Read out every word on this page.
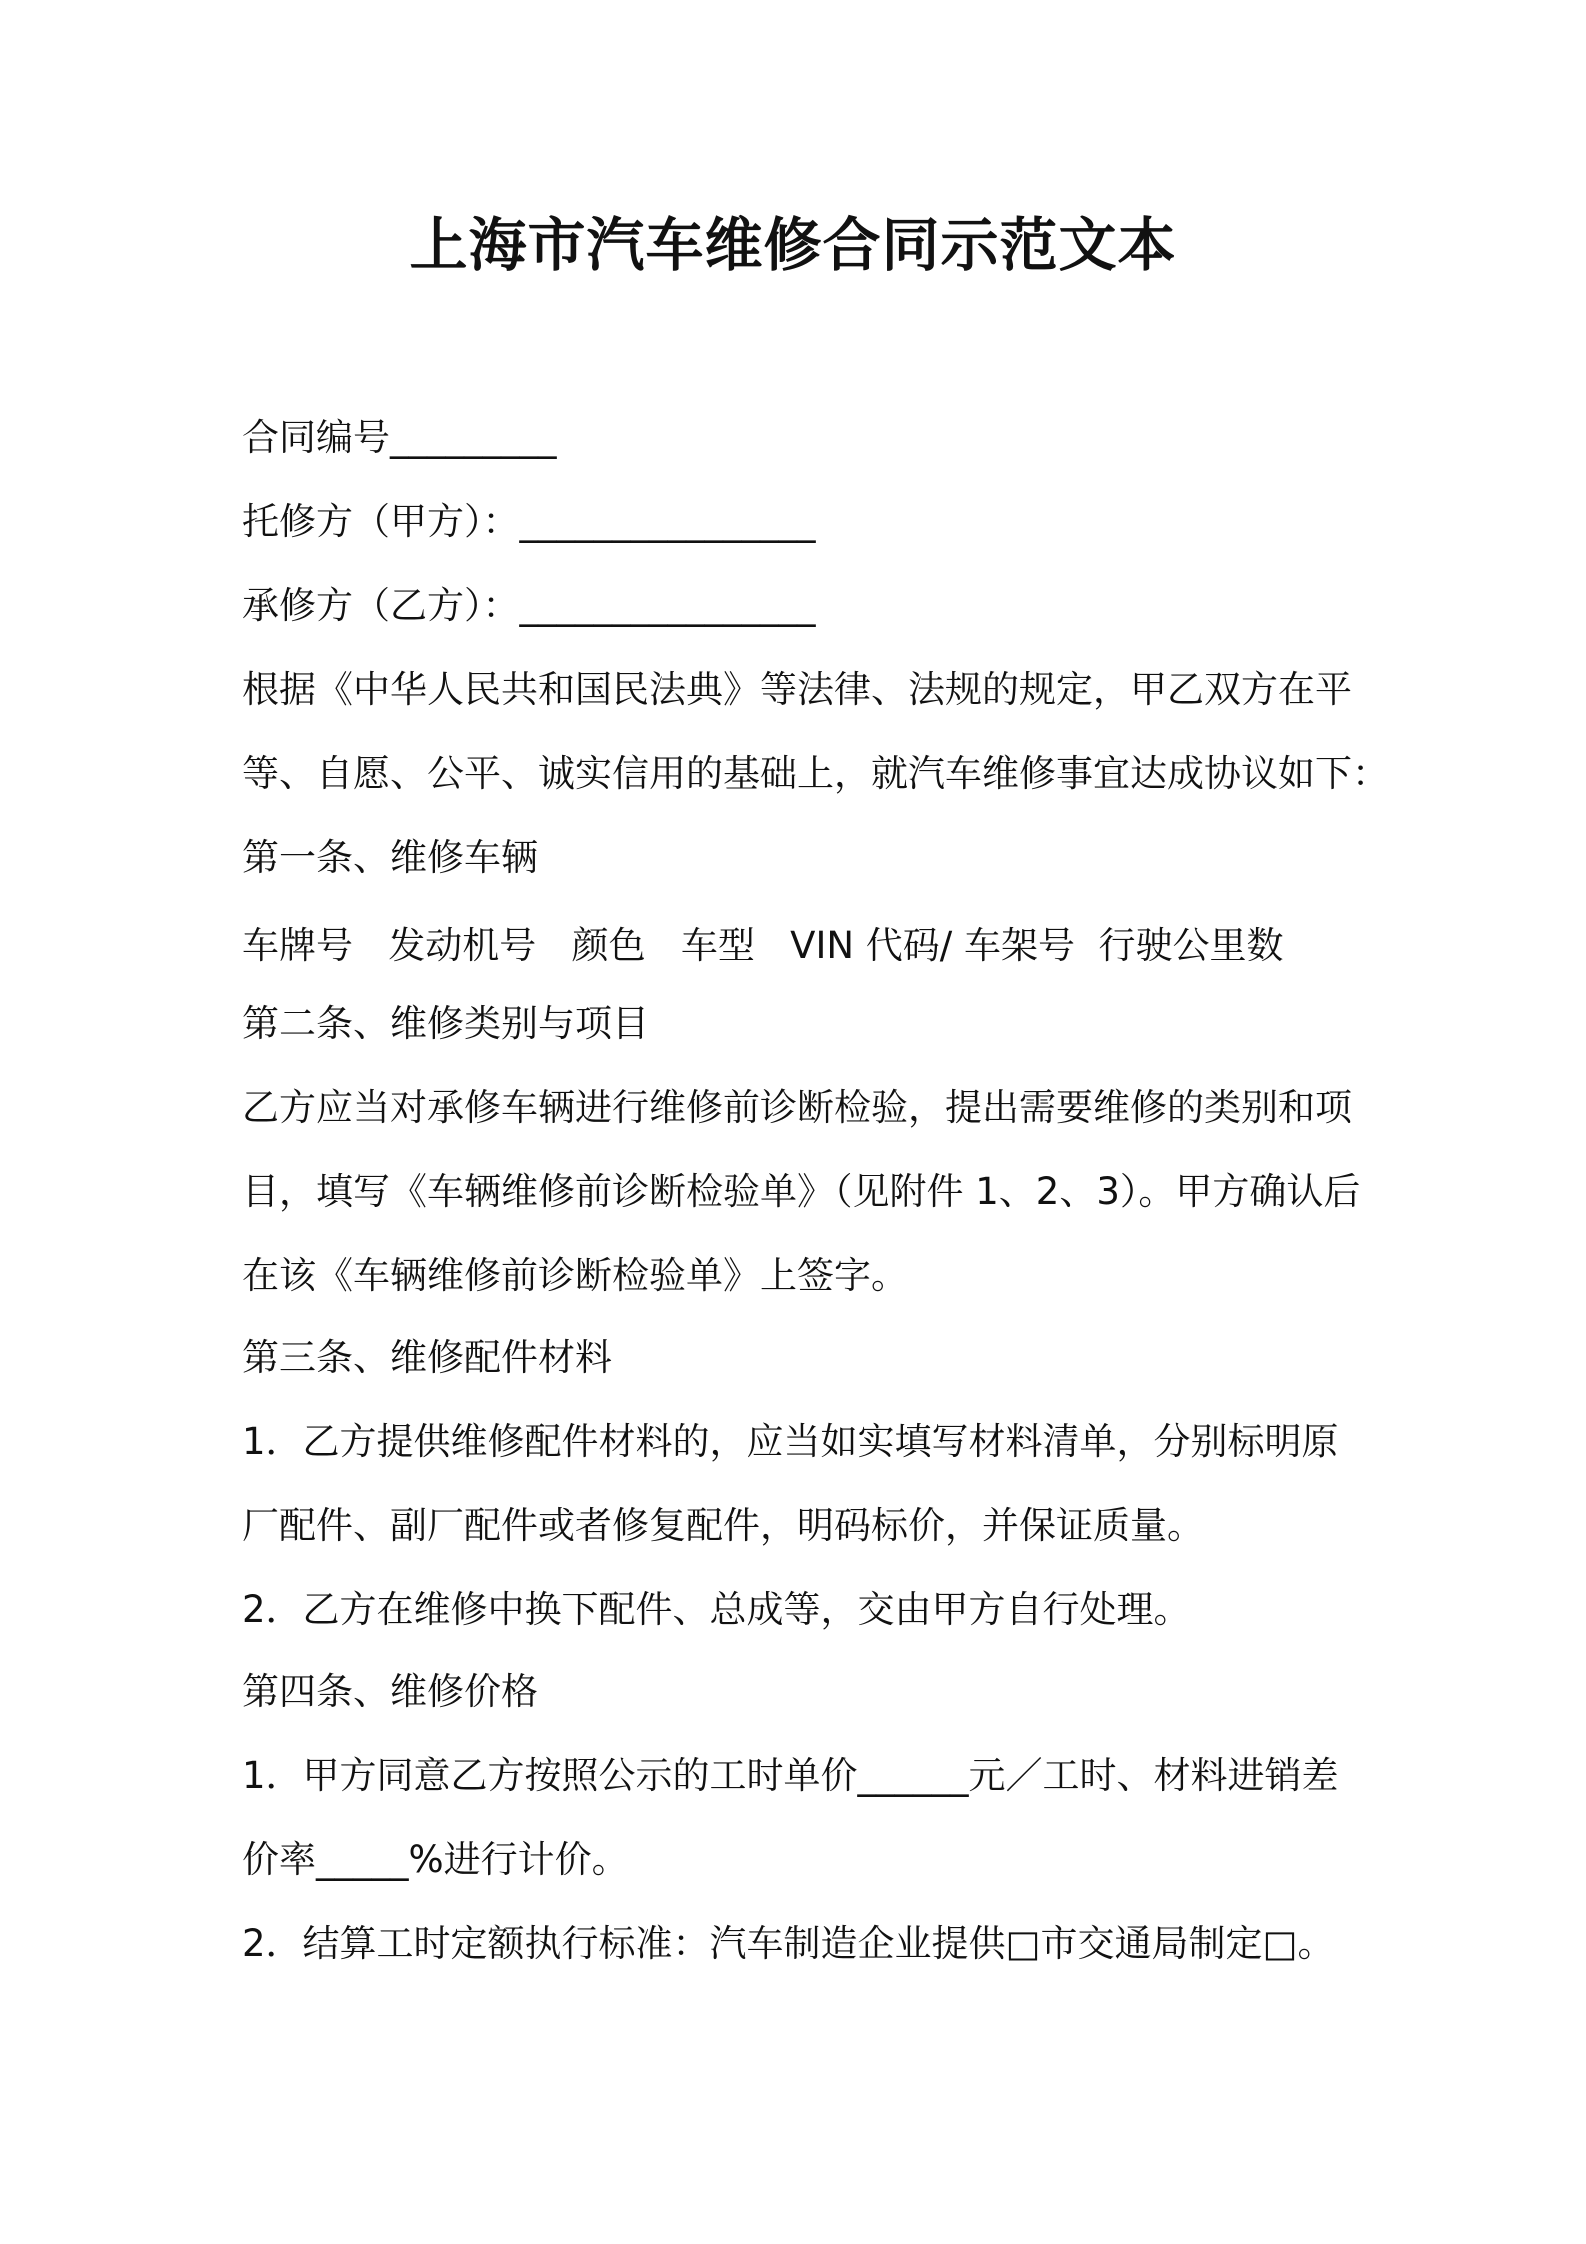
上海市汽车维修合同示范文本
合同编号_________
托修方（甲方）：________________
承修方（乙方）：________________
根据《中华人民共和国民法典》等法律、法规的规定，甲乙双方在平
等、自愿、公平、诚实信用的基础上，就汽车维修事宜达成协议如下：
第一条、维修车辆
车牌号   发动机号   颜色   车型   VIN 代码/ 车架号  行驶公里数
第二条、维修类别与项目
乙方应当对承修车辆进行维修前诊断检验，提出需要维修的类别和项
目，填写《车辆维修前诊断检验单》（见附件 1、2、3）。甲方确认后
在该《车辆维修前诊断检验单》上签字。
第三条、维修配件材料
1．乙方提供维修配件材料的，应当如实填写材料清单，分别标明原
厂配件、副厂配件或者修复配件，明码标价，并保证质量。
2．乙方在维修中换下配件、总成等，交由甲方自行处理。
第四条、维修价格
1．甲方同意乙方按照公示的工时单价______元／工时、材料进销差
价率_____%进行计价。
2．结算工时定额执行标准：汽车制造企业提供□市交通局制定□。
